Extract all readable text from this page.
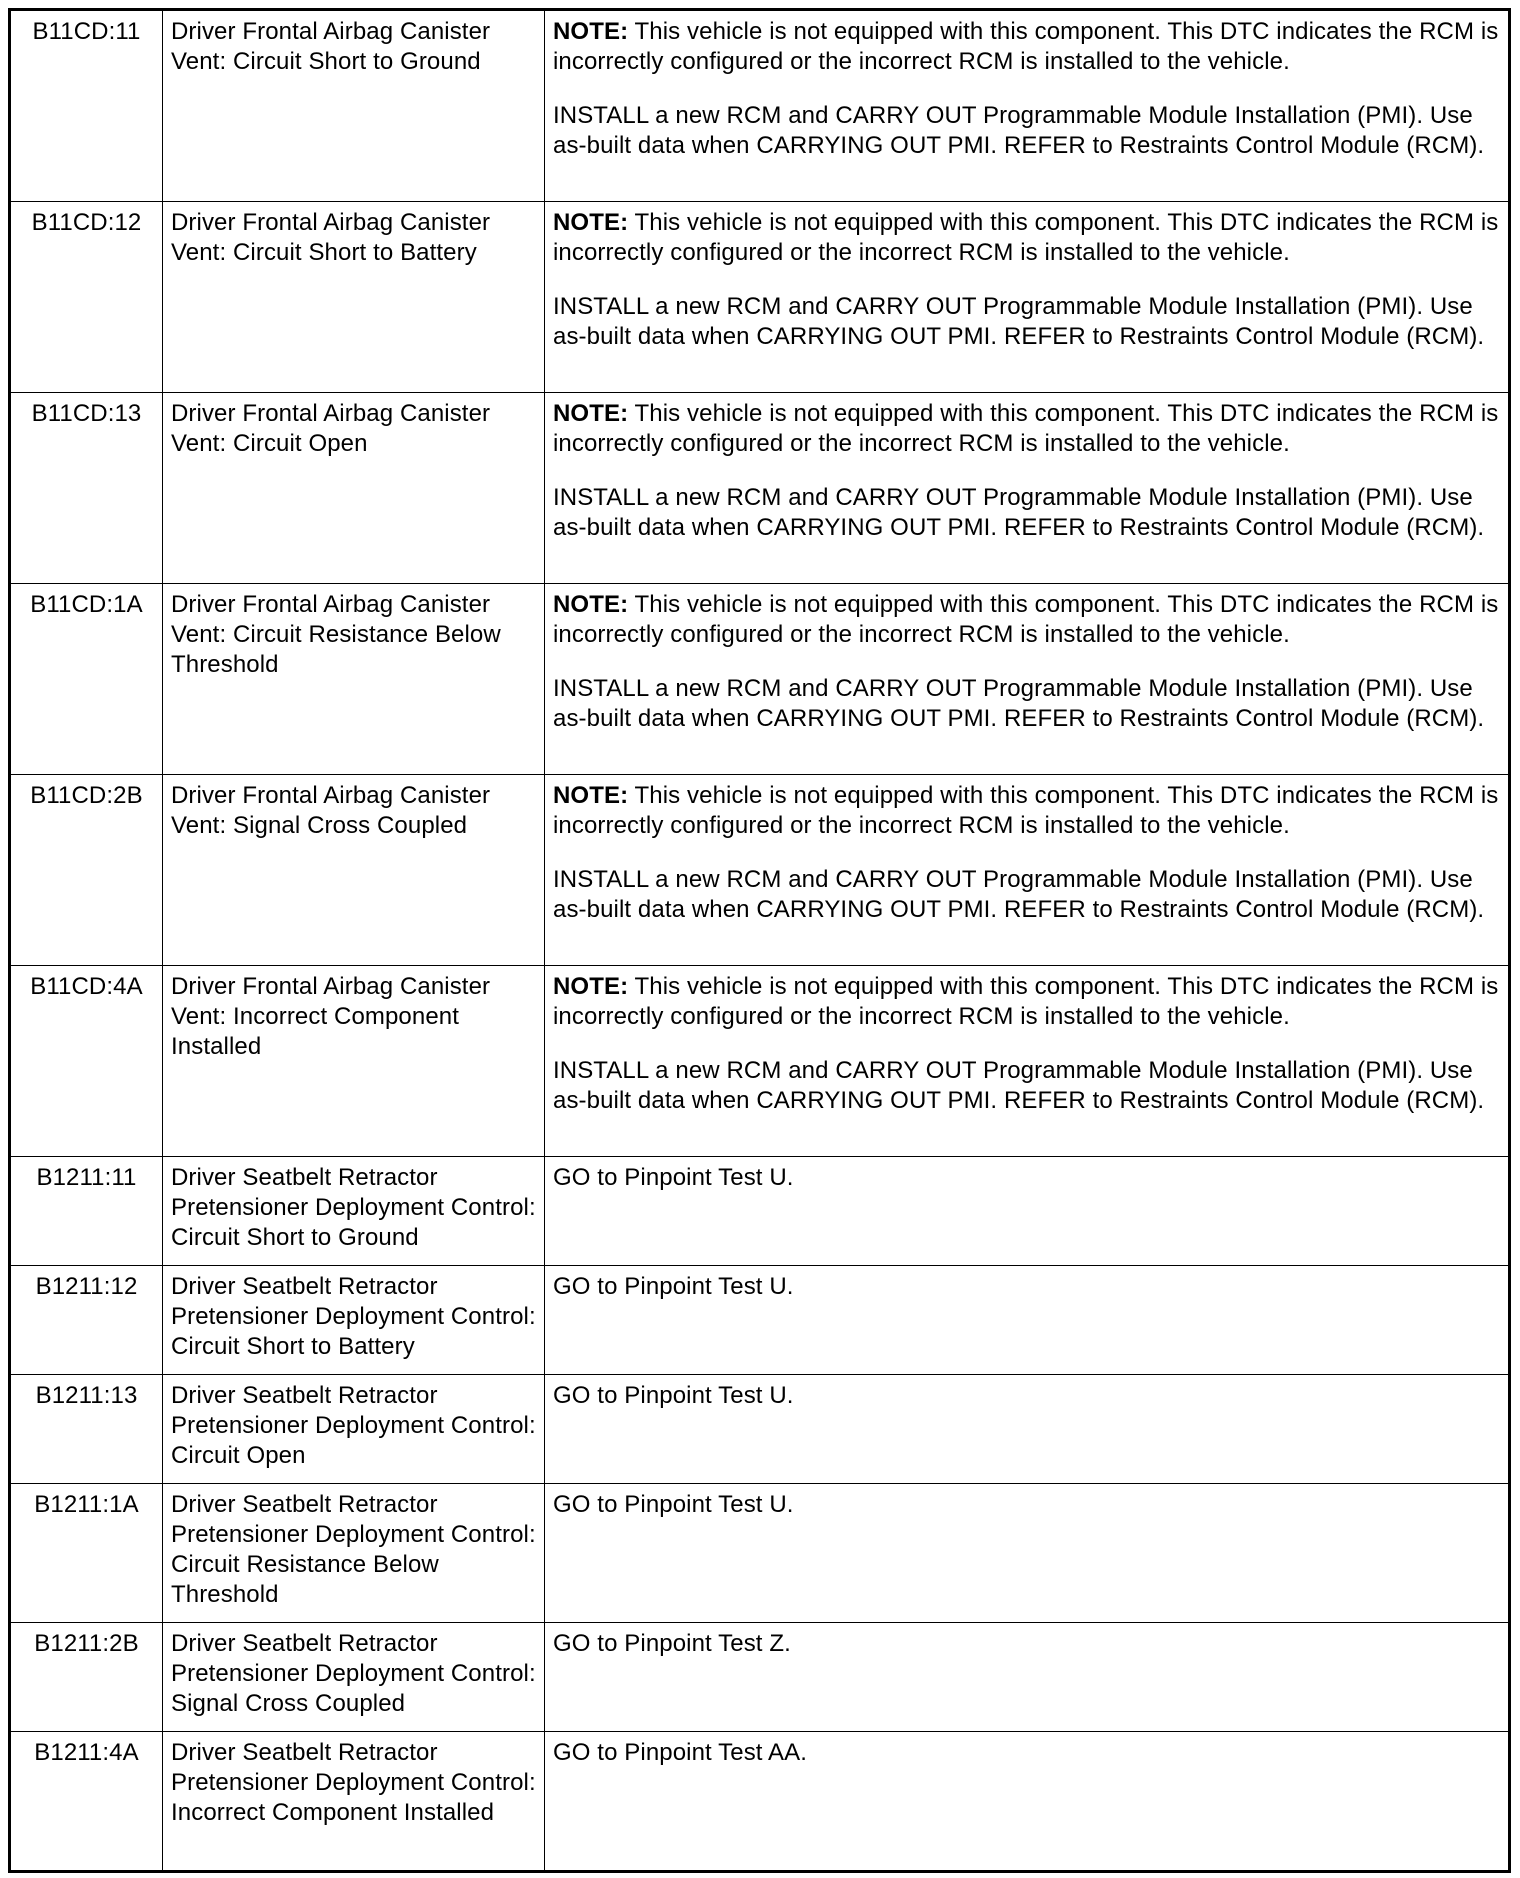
B11CD:11	Driver Frontal Airbag Canister Vent: Circuit Short to Ground	NOTE: This vehicle is not equipped with this component. This DTC indicates the RCM is incorrectly configured or the incorrect RCM is installed to the vehicle.

INSTALL a new RCM and CARRY OUT Programmable Module Installation (PMI). Use as-built data when CARRYING OUT PMI. REFER to Restraints Control Module (RCM).

B11CD:12	Driver Frontal Airbag Canister Vent: Circuit Short to Battery	NOTE: This vehicle is not equipped with this component. This DTC indicates the RCM is incorrectly configured or the incorrect RCM is installed to the vehicle.

INSTALL a new RCM and CARRY OUT Programmable Module Installation (PMI). Use as-built data when CARRYING OUT PMI. REFER to Restraints Control Module (RCM).

B11CD:13	Driver Frontal Airbag Canister Vent: Circuit Open	NOTE: This vehicle is not equipped with this component. This DTC indicates the RCM is incorrectly configured or the incorrect RCM is installed to the vehicle.

INSTALL a new RCM and CARRY OUT Programmable Module Installation (PMI). Use as-built data when CARRYING OUT PMI. REFER to Restraints Control Module (RCM).

B11CD:1A	Driver Frontal Airbag Canister Vent: Circuit Resistance Below Threshold	NOTE: This vehicle is not equipped with this component. This DTC indicates the RCM is incorrectly configured or the incorrect RCM is installed to the vehicle.

INSTALL a new RCM and CARRY OUT Programmable Module Installation (PMI). Use as-built data when CARRYING OUT PMI. REFER to Restraints Control Module (RCM).

B11CD:2B	Driver Frontal Airbag Canister Vent: Signal Cross Coupled	NOTE: This vehicle is not equipped with this component. This DTC indicates the RCM is incorrectly configured or the incorrect RCM is installed to the vehicle.

INSTALL a new RCM and CARRY OUT Programmable Module Installation (PMI). Use as-built data when CARRYING OUT PMI. REFER to Restraints Control Module (RCM).

B11CD:4A	Driver Frontal Airbag Canister Vent: Incorrect Component Installed	NOTE: This vehicle is not equipped with this component. This DTC indicates the RCM is incorrectly configured or the incorrect RCM is installed to the vehicle.

INSTALL a new RCM and CARRY OUT Programmable Module Installation (PMI). Use as-built data when CARRYING OUT PMI. REFER to Restraints Control Module (RCM).

B1211:11	Driver Seatbelt Retractor Pretensioner Deployment Control: Circuit Short to Ground	GO to Pinpoint Test U.
B1211:12	Driver Seatbelt Retractor Pretensioner Deployment Control: Circuit Short to Battery	GO to Pinpoint Test U.
B1211:13	Driver Seatbelt Retractor Pretensioner Deployment Control: Circuit Open	GO to Pinpoint Test U.
B1211:1A	Driver Seatbelt Retractor Pretensioner Deployment Control: Circuit Resistance Below Threshold	GO to Pinpoint Test U.
B1211:2B	Driver Seatbelt Retractor Pretensioner Deployment Control: Signal Cross Coupled	GO to Pinpoint Test Z.
B1211:4A	Driver Seatbelt Retractor Pretensioner Deployment Control: Incorrect Component Installed	GO to Pinpoint Test AA.
